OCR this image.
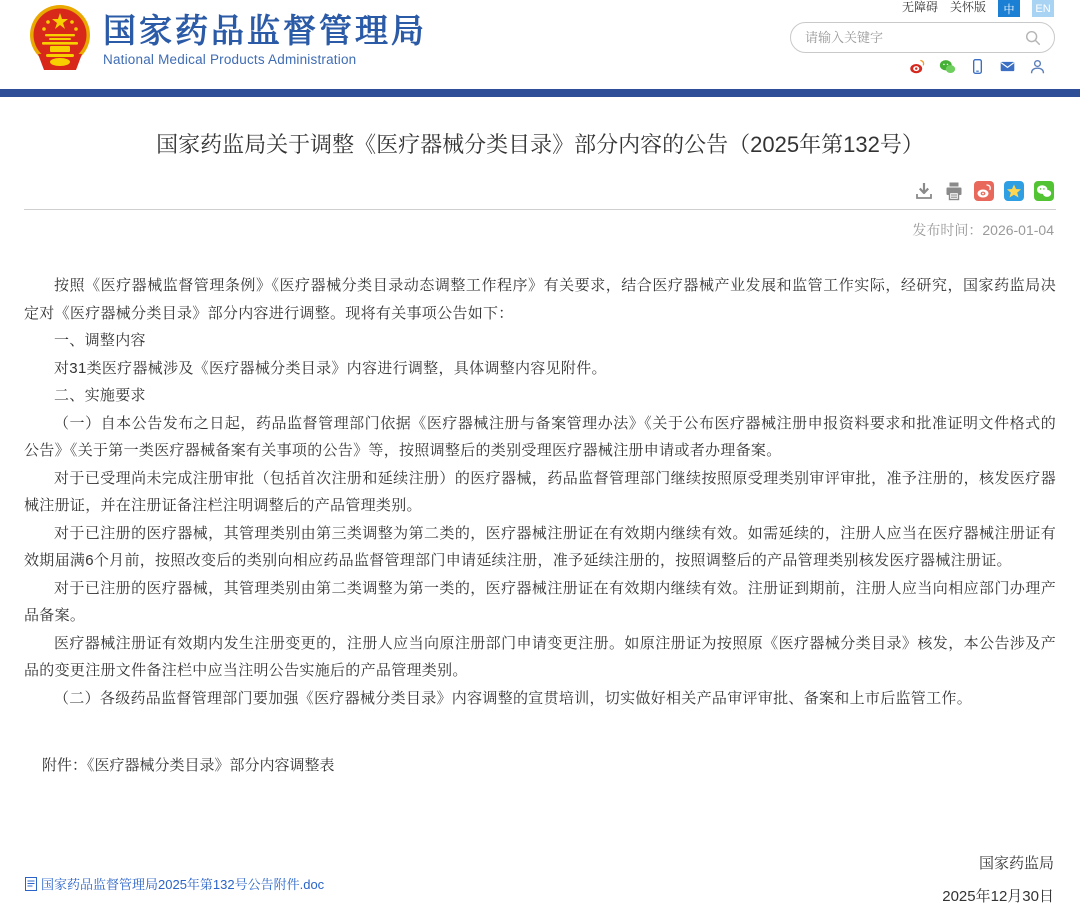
国家药品监督管理局
National Medical Products Administration
无障碍 关怀版	中	EN
请输入关键字
国家药监局关于调整《医疗器械分类目录》部分内容的公告（2025年第132号）
发布时间：2026-01-04

按照《医疗器械监督管理条例》《医疗器械分类目录动态调整工作程序》有关要求，结合医疗器械产业发展和监管工作实际，经研究，国家药监局决定对《医疗器械分类目录》部分内容进行调整。现将有关事项公告如下：

一、调整内容

对31类医疗器械涉及《医疗器械分类目录》内容进行调整，具体调整内容见附件。

二、实施要求

（一）自本公告发布之日起，药品监督管理部门依据《医疗器械注册与备案管理办法》《关于公布医疗器械注册申报资料要求和批准证明文件格式的公告》《关于第一类医疗器械备案有关事项的公告》等，按照调整后的类别受理医疗器械注册申请或者办理备案。

对于已受理尚未完成注册审批（包括首次注册和延续注册）的医疗器械，药品监督管理部门继续按照原受理类别审评审批，准予注册的，核发医疗器械注册证，并在注册证备注栏注明调整后的产品管理类别。

对于已注册的医疗器械，其管理类别由第三类调整为第二类的，医疗器械注册证在有效期内继续有效。如需延续的，注册人应当在医疗器械注册证有效期届满6个月前，按照改变后的类别向相应药品监督管理部门申请延续注册，准予延续注册的，按照调整后的产品管理类别核发医疗器械注册证。

对于已注册的医疗器械，其管理类别由第二类调整为第一类的，医疗器械注册证在有效期内继续有效。注册证到期前，注册人应当向相应部门办理产品备案。

医疗器械注册证有效期内发生注册变更的，注册人应当向原注册部门申请变更注册。如原注册证为按照原《医疗器械分类目录》核发，本公告涉及产品的变更注册文件备注栏中应当注明公告实施后的产品管理类别。

（二）各级药品监督管理部门要加强《医疗器械分类目录》内容调整的宣贯培训，切实做好相关产品审评审批、备案和上市后监管工作。

附件：《医疗器械分类目录》部分内容调整表
国家药监局
2025年12月30日
国家药品监督管理局2025年第132号公告附件.doc
